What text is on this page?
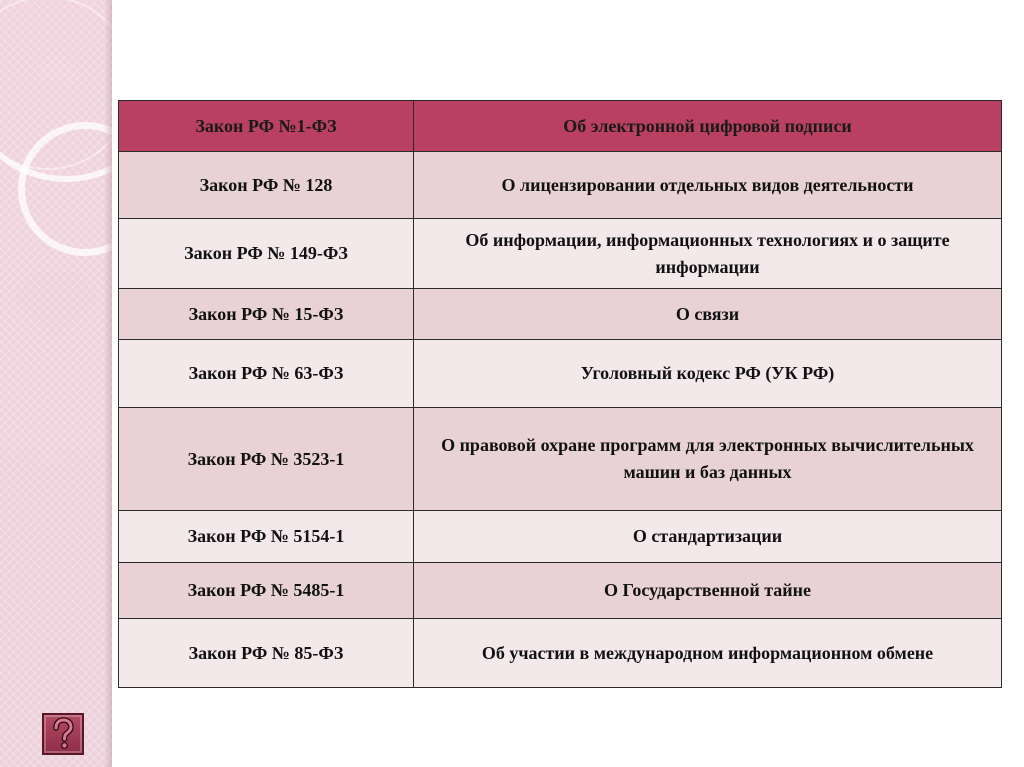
Закон РФ №1-ФЗ	Об электронной цифровой подписи
Закон РФ № 128	О лицензировании отдельных видов деятельности
Закон РФ № 149-ФЗ	Об информации, информационных технологиях и о защите информации
Закон РФ № 15-ФЗ	О связи
Закон РФ № 63-ФЗ	Уголовный кодекс РФ (УК РФ)
Закон РФ № 3523-1	О правовой охране программ для электронных вычислительных машин и баз данных
Закон РФ № 5154-1	О стандартизации
Закон РФ № 5485-1	О Государственной тайне
Закон РФ № 85-ФЗ	Об участии в международном информационном обмене
